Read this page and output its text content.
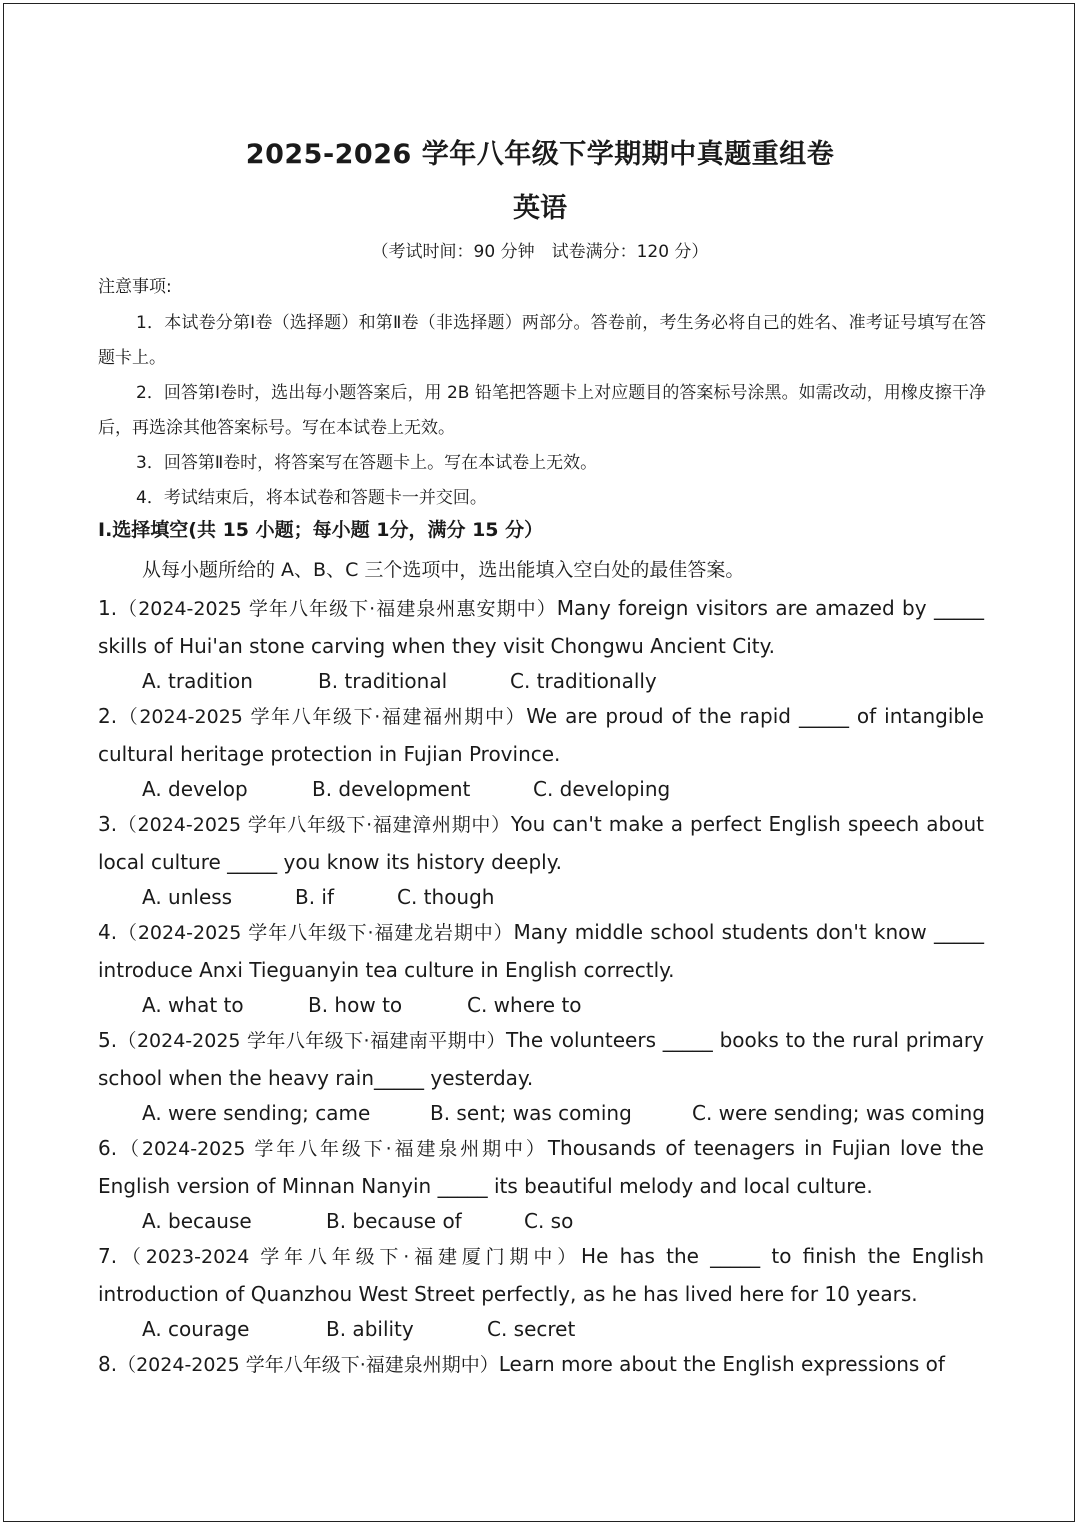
2025-2026 学年八年级下学期期中真题重组卷
英语
（考试时间：90 分钟　试卷满分：120 分）
注意事项:

1．本试卷分第Ⅰ卷（选择题）和第Ⅱ卷（非选择题）两部分。答卷前，考生务必将自己的姓名、准考证号填写在答题卡上。

2．回答第Ⅰ卷时，选出每小题答案后，用 2B 铅笔把答题卡上对应题目的答案标号涂黑。如需改动，用橡皮擦干净后，再选涂其他答案标号。写在本试卷上无效。

3．回答第Ⅱ卷时，将答案写在答题卡上。写在本试卷上无效。

4．考试结束后，将本试卷和答题卡一并交回。

Ⅰ.选择填空(共 15 小题；每小题 1分，满分 15 分）
从每小题所给的 A、B、C 三个选项中，选出能填入空白处的最佳答案。
1.（2024-2025 学年八年级下·福建泉州惠安期中）Many foreign visitors are amazed by _____ skills of Hui'an stone carving when they visit Chongwu Ancient City.
A. tradition	B. traditional	C. traditionally
2.（2024-2025 学年八年级下·福建福州期中）We are proud of the rapid _____ of intangible cultural heritage protection in Fujian Province.
A. develop	B. development	C. developing
3.（2024-2025 学年八年级下·福建漳州期中）You can't make a perfect English speech about local culture _____ you know its history deeply.
A. unless	B. if	C. though
4.（2024-2025 学年八年级下·福建龙岩期中）Many middle school students don't know _____ introduce Anxi Tieguanyin tea culture in English correctly.
A. what to	B. how to	C. where to
5.（2024-2025 学年八年级下·福建南平期中）The volunteers _____ books to the rural primary school when the heavy rain_____ yesterday.
A. were sending; came	B. sent; was coming	C. were sending; was coming
6.（2024-2025 学年八年级下·福建泉州期中）Thousands of teenagers in Fujian love the English version of Minnan Nanyin _____ its beautiful melody and local culture.
A. because	B. because of	C. so
7.（2023-2024 学年八年级下·福建厦门期中）He has the _____ to finish the English introduction of Quanzhou West Street perfectly, as he has lived here for 10 years.
A. courage	B. ability	C. secret
8.（2024-2025 学年八年级下·福建泉州期中）Learn more about the English expressions of
